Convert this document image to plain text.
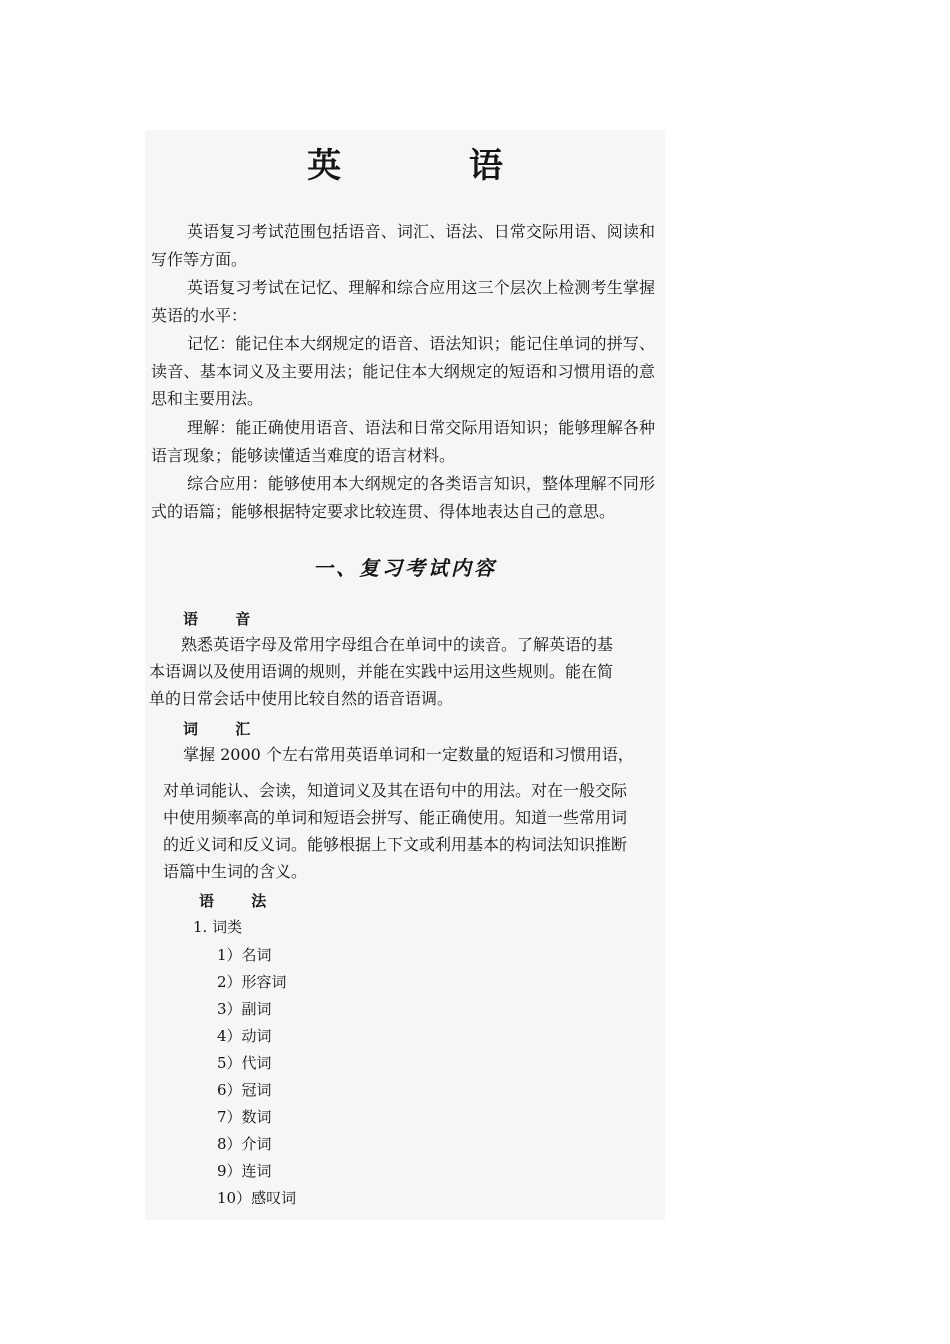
英 语
英语复习考试范围包括语音、词汇、语法、日常交际用语、阅读和写作等方面。
英语复习考试在记忆、理解和综合应用这三个层次上检测考生掌握英语的水平：
记忆：能记住本大纲规定的语音、语法知识；能记住单词的拼写、读音、基本词义及主要用法；能记住本大纲规定的短语和习惯用语的意思和主要用法。
理解：能正确使用语音、语法和日常交际用语知识；能够理解各种语言现象；能够读懂适当难度的语言材料。
综合应用：能够使用本大纲规定的各类语言知识，整体理解不同形式的语篇；能够根据特定要求比较连贯、得体地表达自己的意思。
一、复习考试内容
语 音
熟悉英语字母及常用字母组合在单词中的读音。了解英语的基
本语调以及使用语调的规则，并能在实践中运用这些规则。能在简
单的日常会话中使用比较自然的语音语调。
词 汇
掌握 2000 个左右常用英语单词和一定数量的短语和习惯用语，
对单词能认、会读，知道词义及其在语句中的用法。对在一般交际
中使用频率高的单词和短语会拼写、能正确使用。知道一些常用词
的近义词和反义词。能够根据上下文或利用基本的构词法知识推断
语篇中生词的含义。
语 法
1. 词类
1）名词
2）形容词
3）副词
4）动词
5）代词
6）冠词
7）数词
8）介词
9）连词
10）感叹词
